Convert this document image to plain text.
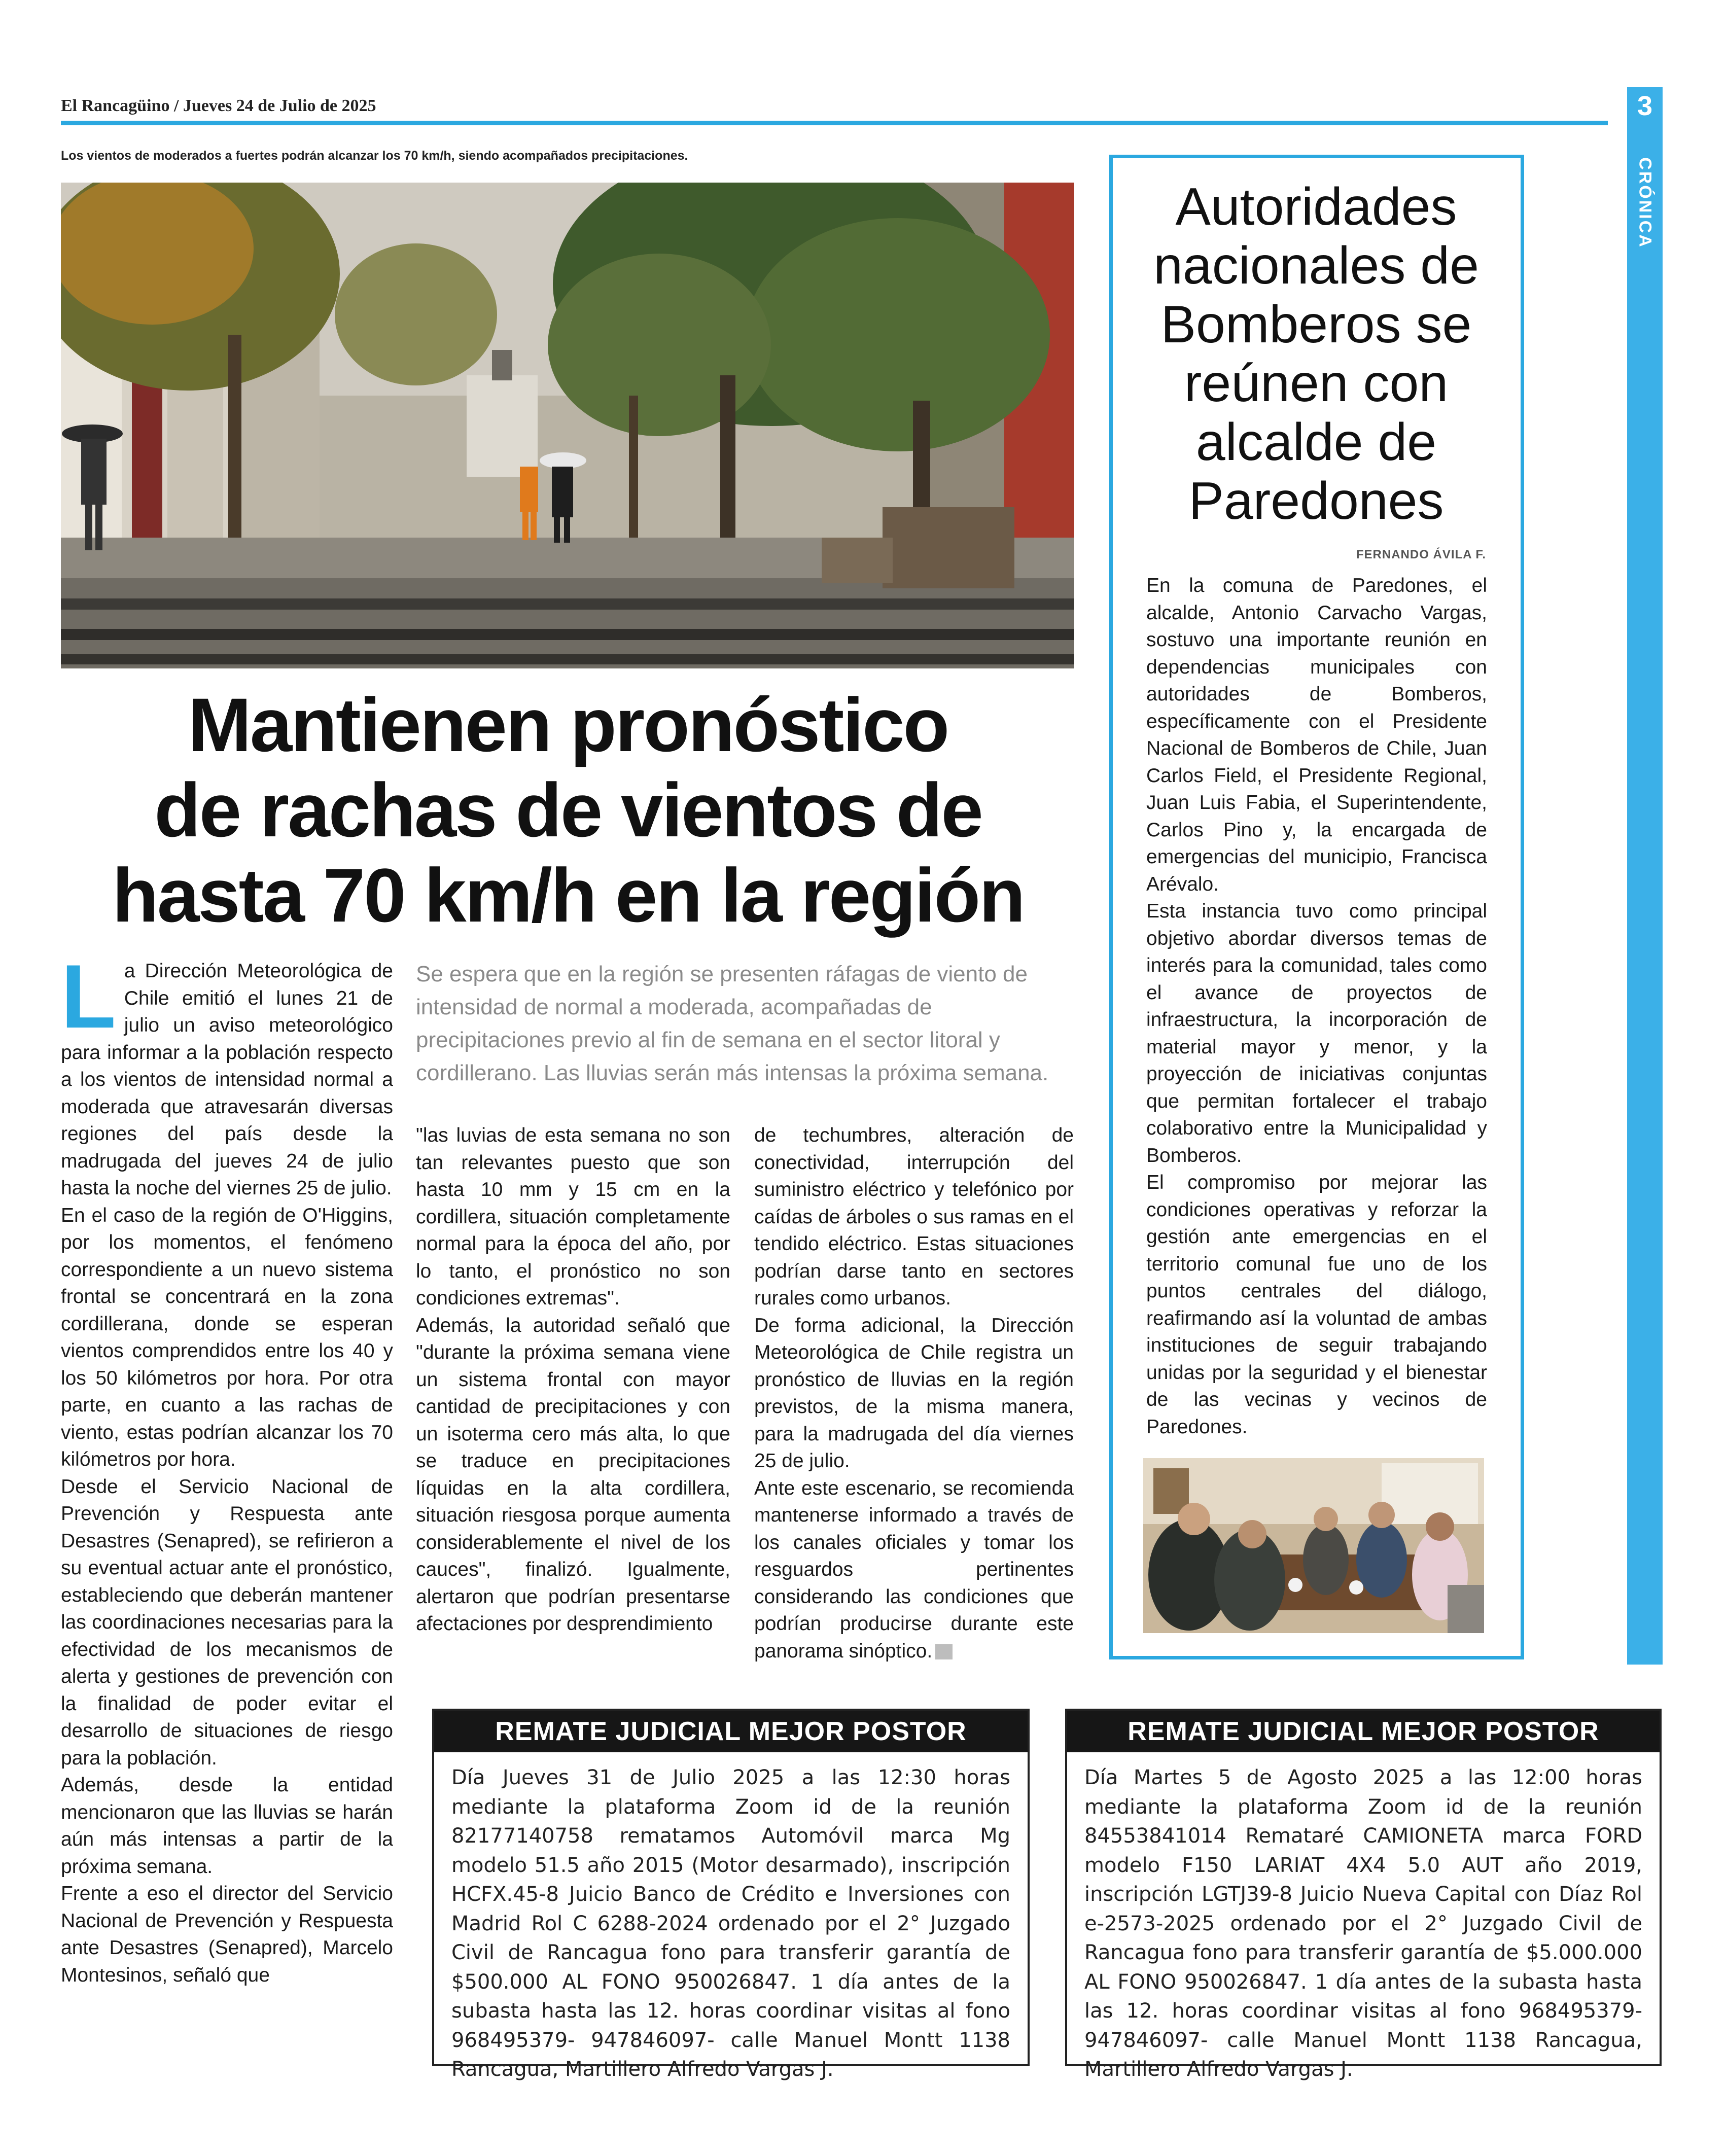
El Rancagüino / Jueves 24 de Julio de 2025	3
CRÓNICA
Los vientos de moderados a fuertes podrán alcanzar los 70 km/h, siendo acompañados precipitaciones.
Mantienen pronóstico
de rachas de vientos de
hasta 70 km/h en la región
Se espera que en la región se presenten ráfagas de viento de intensidad de normal a moderada, acompañadas de precipitaciones previo al fin de semana en el sector litoral y cordillerano. Las lluvias serán más intensas la próxima semana.

La Dirección Meteorológica de Chile emitió el lunes 21 de julio un aviso meteorológico para informar a la población respecto a los vientos de intensidad normal a moderada que atravesarán diversas regiones del país desde la madrugada del jueves 24 de julio hasta la noche del viernes 25 de julio.

En el caso de la región de O'Higgins, por los momentos, el fenómeno correspondiente a un nuevo sistema frontal se concentrará en la zona cordillerana, donde se esperan vientos comprendidos entre los 40 y los 50 kilómetros por hora. Por otra parte, en cuanto a las rachas de viento, estas podrían alcanzar los 70 kilómetros por hora.

Desde el Servicio Nacional de Prevención y Respuesta ante Desastres (Senapred), se refirieron a su eventual actuar ante el pronóstico, estableciendo que deberán mantener las coordinaciones necesarias para la efectividad de los mecanismos de alerta y gestiones de prevención con la finalidad de poder evitar el desarrollo de situaciones de riesgo para la población.

Además, desde la entidad mencionaron que las lluvias se harán aún más intensas a partir de la próxima semana.

Frente a eso el director del Servicio Nacional de Prevención y Respuesta ante Desastres (Senapred), Marcelo Montesinos, señaló que

"las luvias de esta semana no son tan relevantes puesto que son hasta 10 mm y 15 cm en la cordillera, situación completamente normal para la época del año, por lo tanto, el pronóstico no son condiciones extremas".

Además, la autoridad señaló que "durante la próxima semana viene un sistema frontal con mayor cantidad de precipitaciones y con un isoterma cero más alta, lo que se traduce en precipitaciones líquidas en la alta cordillera, situación riesgosa porque aumenta considerablemente el nivel de los cauces", finalizó. Igualmente, alertaron que podrían presentarse afectaciones por desprendimiento

de techumbres, alteración de conectividad, interrupción del suministro eléctrico y telefónico por caídas de árboles o sus ramas en el tendido eléctrico. Estas situaciones podrían darse tanto en sectores rurales como urbanos.

De forma adicional, la Dirección Meteorológica de Chile registra un pronóstico de lluvias en la región previstos, de la misma manera, para la madrugada del día viernes 25 de julio.

Ante este escenario, se recomienda mantenerse informado a través de los canales oficiales y tomar los resguardos pertinentes considerando las condiciones que podrían producirse durante este panorama sinóptico.

Autoridades
nacionales de
Bomberos se
reúnen con
alcalde de
Paredones
FERNANDO ÁVILA F.

En la comuna de Paredones, el alcalde, Antonio Carvacho Vargas, sostuvo una importante reunión en dependencias municipales con autoridades de Bomberos, específicamente con el Presidente Nacional de Bomberos de Chile, Juan Carlos Field, el Presidente Regional, Juan Luis Fabia, el Superintendente, Carlos Pino y, la encargada de emergencias del municipio, Francisca Arévalo.

Esta instancia tuvo como principal objetivo abordar diversos temas de interés para la comunidad, tales como el avance de proyectos de infraestructura, la incorporación de material mayor y menor, y la proyección de iniciativas conjuntas que permitan fortalecer el trabajo colaborativo entre la Municipalidad y Bomberos.

El compromiso por mejorar las condiciones operativas y reforzar la gestión ante emergencias en el territorio comunal fue uno de los puntos centrales del diálogo, reafirmando así la voluntad de ambas instituciones de seguir trabajando unidas por la seguridad y el bienestar de las vecinas y vecinos de Paredones.

REMATE JUDICIAL MEJOR POSTOR
Día Jueves 31 de Julio 2025 a las 12:30 horas mediante la plataforma Zoom id de la reunión 82177140758 rematamos Automóvil marca Mg modelo 51.5 año 2015 (Motor desarmado), inscripción HCFX.45-8 Juicio Banco de Crédito e Inversiones con Madrid Rol C 6288-2024 ordenado por el 2° Juzgado Civil de Rancagua fono para transferir garantía de $500.000 AL FONO 950026847. 1 día antes de la subasta hasta las 12. horas coordinar visitas al fono 968495379- 947846097- calle Manuel Montt 1138 Rancagua, Martillero Alfredo Vargas J.
REMATE JUDICIAL MEJOR POSTOR
Día Martes 5 de Agosto 2025 a las 12:00 horas mediante la plataforma Zoom id de la reunión 84553841014 Remataré CAMIONETA marca FORD modelo F150 LARIAT 4X4 5.0 AUT año 2019, inscripción LGTJ39-8 Juicio Nueva Capital con Díaz Rol e-2573-2025 ordenado por el 2° Juzgado Civil de Rancagua fono para transferir garantía de $5.000.000 AL FONO 950026847. 1 día antes de la subasta hasta las 12. horas coordinar visitas al fono 968495379- 947846097- calle Manuel Montt 1138 Rancagua, Martillero Alfredo Vargas J.
